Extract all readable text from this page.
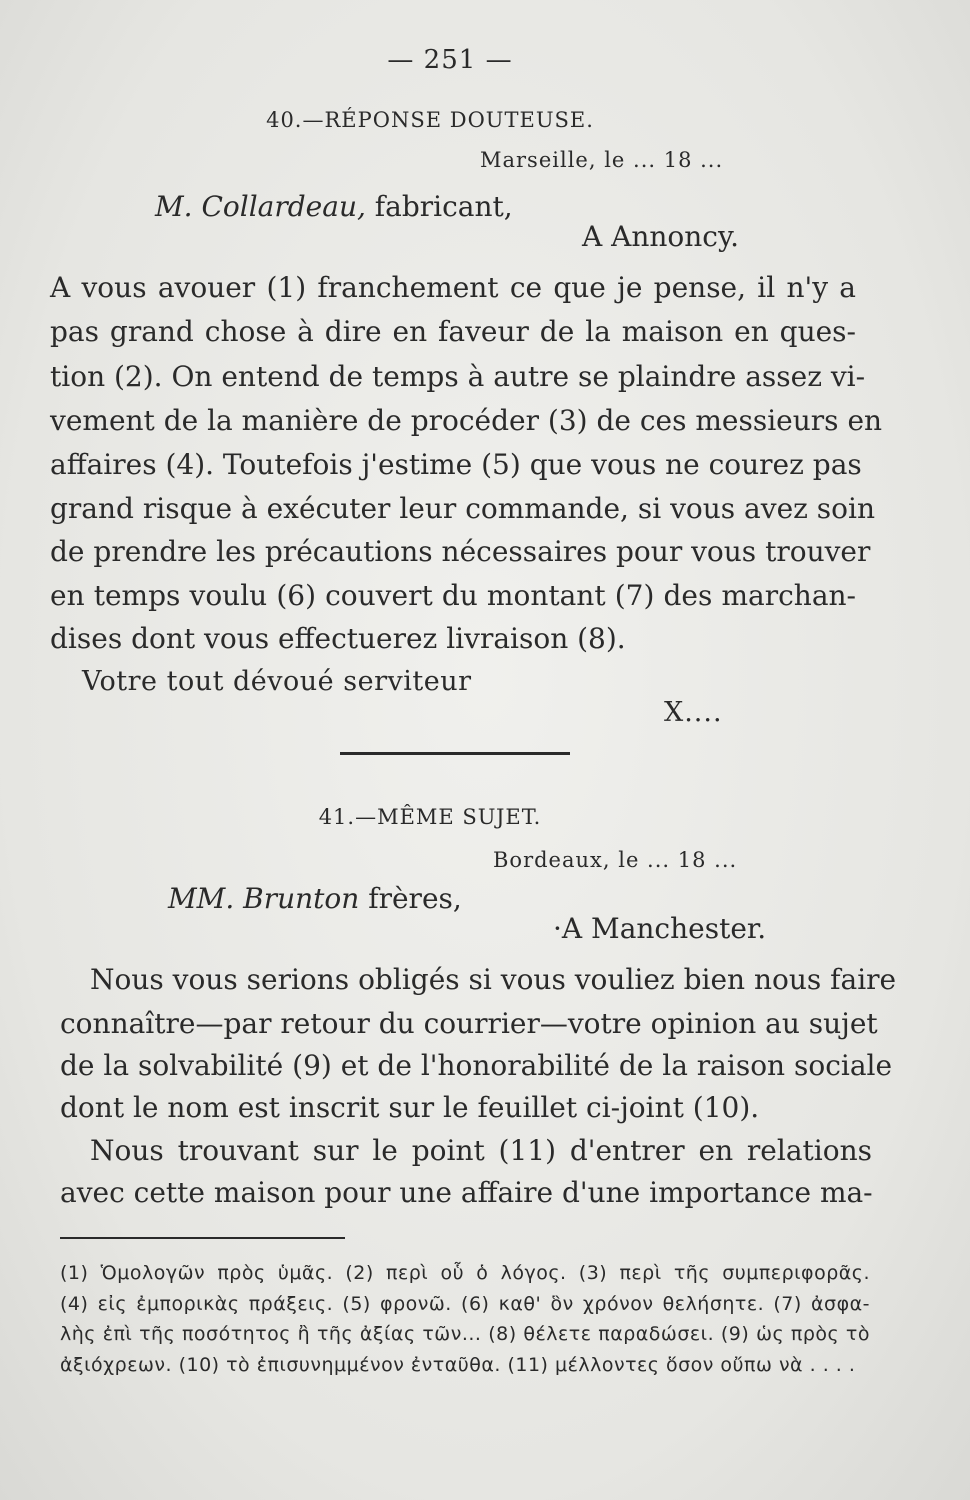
— 251 —
40.—RÉPONSE DOUTEUSE.
Marseille, le ... 18 ...
M. Collardeau, fabricant,
A Annoncy.
A vous avouer (1) franchement ce que je pense, il n'y a
pas grand chose à dire en faveur de la maison en ques-
tion (2). On entend de temps à autre se plaindre assez vi-
vement de la manière de procéder (3) de ces messieurs en
affaires (4). Toutefois j'estime (5) que vous ne courez pas
grand risque à exécuter leur commande, si vous avez soin
de prendre les précautions nécessaires pour vous trouver
en temps voulu (6) couvert du montant (7) des marchan-
dises dont vous effectuerez livraison (8).
Votre tout dévoué serviteur
X....
41.—MÊME SUJET.
Bordeaux, le ... 18 ...
MM. Brunton frères,
·A Manchester.
Nous vous serions obligés si vous vouliez bien nous faire
connaître—par retour du courrier—votre opinion au sujet
de la solvabilité (9) et de l'honorabilité de la raison sociale
dont le nom est inscrit sur le feuillet ci-joint (10).
Nous trouvant sur le point (11) d'entrer en relations
avec cette maison pour une affaire d'une importance ma-
(1) Ὁμολογῶν πρὸς ὑμᾶς. (2) περὶ οὗ ὁ λόγος. (3) περὶ τῆς συμπεριφορᾶς.
(4) εἰς ἐμπορικὰς πράξεις. (5) φρονῶ. (6) καθ' ὃν χρόνον θελήσητε. (7) ἀσφα-
λὴς ἐπὶ τῆς ποσότητος ἢ τῆς ἀξίας τῶν... (8) θέλετε παραδώσει. (9) ὡς πρὸς τὸ
ἀξιόχρεων. (10) τὸ ἐπισυνημμένον ἐνταῦθα. (11) μέλλοντες ὅσον οὔπω νὰ . . . .
